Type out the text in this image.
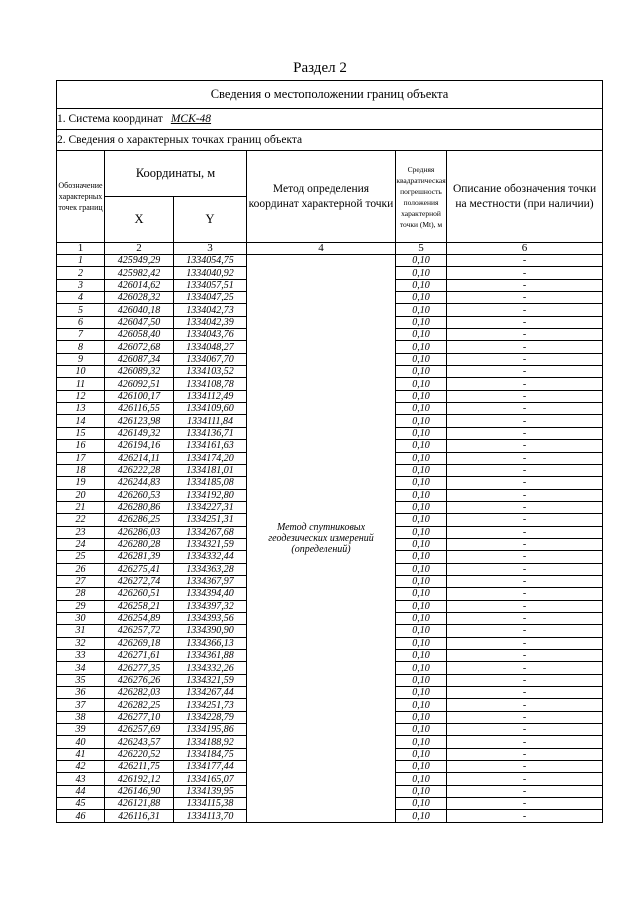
Раздел 2
Сведения о местоположении границ объекта					
1. Система координат МСК-48					
2. Сведения о характерных точках границ объекта					
Обозначение характерных точек границ	Координаты, м		Метод определения координат характерной точки	Средняя квадратическая погрешность положения характерной точки (Mt), м	Описание обозначения точки на местности (при наличии)
	X	Y			
1	2	3	4	5	6
1	425949,29	1334054,75	Метод спутниковых геодезических измерений (определений)	0,10	-
2	425982,42	1334040,92		0,10	-
3	426014,62	1334057,51		0,10	-
4	426028,32	1334047,25		0,10	-
5	426040,18	1334042,73		0,10	-
6	426047,50	1334042,39		0,10	-
7	426058,40	1334043,76		0,10	-
8	426072,68	1334048,27		0,10	-
9	426087,34	1334067,70		0,10	-
10	426089,32	1334103,52		0,10	-
11	426092,51	1334108,78		0,10	-
12	426100,17	1334112,49		0,10	-
13	426116,55	1334109,60		0,10	-
14	426123,98	1334111,84		0,10	-
15	426149,32	1334136,71		0,10	-
16	426194,16	1334161,63		0,10	-
17	426214,11	1334174,20		0,10	-
18	426222,28	1334181,01		0,10	-
19	426244,83	1334185,08		0,10	-
20	426260,53	1334192,80		0,10	-
21	426280,86	1334227,31		0,10	-
22	426286,25	1334251,31		0,10	-
23	426286,03	1334267,68		0,10	-
24	426280,28	1334321,59		0,10	-
25	426281,39	1334332,44		0,10	-
26	426275,41	1334363,28		0,10	-
27	426272,74	1334367,97		0,10	-
28	426260,51	1334394,40		0,10	-
29	426258,21	1334397,32		0,10	-
30	426254,89	1334393,56		0,10	-
31	426257,72	1334390,90		0,10	-
32	426269,18	1334366,13		0,10	-
33	426271,61	1334361,88		0,10	-
34	426277,35	1334332,26		0,10	-
35	426276,26	1334321,59		0,10	-
36	426282,03	1334267,44		0,10	-
37	426282,25	1334251,73		0,10	-
38	426277,10	1334228,79		0,10	-
39	426257,69	1334195,86		0,10	-
40	426243,57	1334188,92		0,10	-
41	426220,52	1334184,75		0,10	-
42	426211,75	1334177,44		0,10	-
43	426192,12	1334165,07		0,10	-
44	426146,90	1334139,95		0,10	-
45	426121,88	1334115,38		0,10	-
46	426116,31	1334113,70		0,10	-
